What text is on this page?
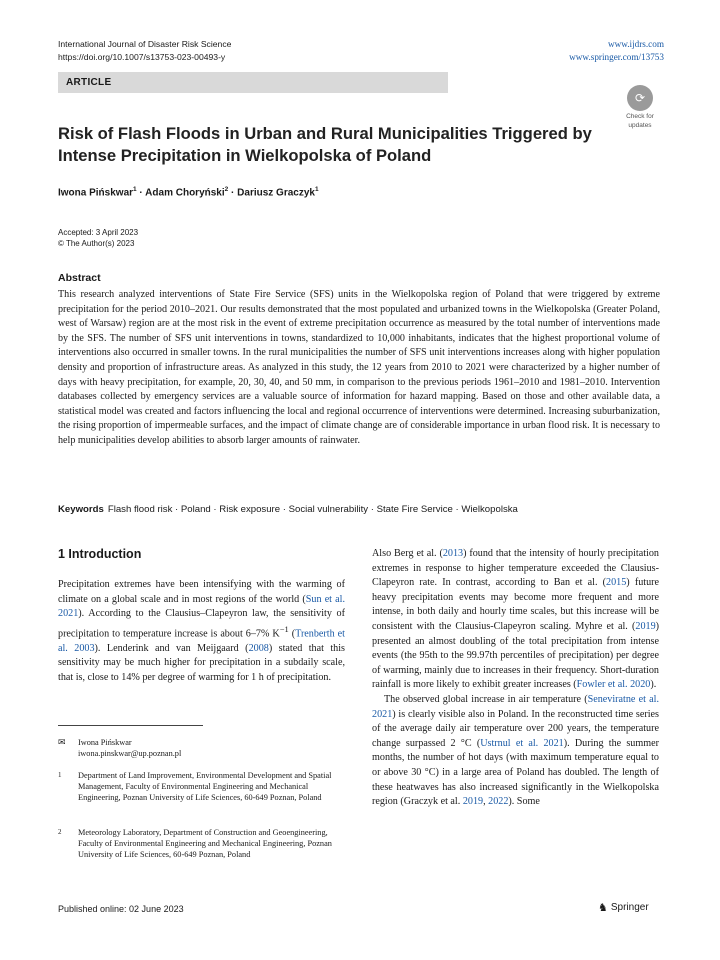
International Journal of Disaster Risk Science
https://doi.org/10.1007/s13753-023-00493-y
www.ijdrs.com
www.springer.com/13753
ARTICLE
⟳
Check for
updates
Risk of Flash Floods in Urban and Rural Municipalities Triggered by Intense Precipitation in Wielkopolska of Poland
Iwona Pińskwar$^1$ · Adam Choryński$^2$ · Dariusz Graczyk$^1$
Accepted: 3 April 2023
© The Author(s) 2023
Abstract
This research analyzed interventions of State Fire Service (SFS) units in the Wielkopolska region of Poland that were triggered by extreme precipitation for the period 2010–2021. Our results demonstrated that the most populated and urbanized towns in the Wielkopolska (Greater Poland, west of Warsaw) region are at the most risk in the event of extreme precipitation occurrence as measured by the total number of interventions made by the SFS. The number of SFS unit interventions in towns, standardized to 10,000 inhabitants, indicates that the highest proportional volume of interventions also occurred in smaller towns. In the rural municipalities the number of SFS unit interventions increases along with higher population density and proportion of infrastructure areas. As analyzed in this study, the 12 years from 2010 to 2021 were characterized by a higher number of days with heavy precipitation, for example, 20, 30, 40, and 50 mm, in comparison to the previous periods 1961–2010 and 1981–2010. Intervention databases collected by emergency services are a valuable source of information for hazard mapping. Based on those and other available data, a statistical model was created and factors influencing the local and regional occurrence of interventions were determined. Increasing suburbanization, the rising proportion of impermeable surfaces, and the impact of climate change are of considerable importance in urban flood risk. It is necessary to help municipalities develop abilities to absorb larger amounts of rainwater.
Keywords Flash flood risk · Poland · Risk exposure · Social vulnerability · State Fire Service · Wielkopolska
1 Introduction

Precipitation extremes have been intensifying with the warming of climate on a global scale and in most regions of the world (Sun et al. 2021). According to the Clausius–Clapeyron law, the sensitivity of precipitation to temperature increase is about 6–7% $K^{-1}$ (Trenberth et al. 2003). Lenderink and van Meijgaard (2008) stated that this sensitivity may be much higher for precipitation in a subdaily scale, that is, close to 14% per degree of warming for 1 h of precipitation.

Also Berg et al. (2013) found that the intensity of hourly precipitation extremes in response to higher temperature exceeded the Clausius-Clapeyron rate. In contrast, according to Ban et al. (2015) future heavy precipitation events may become more frequent and more intense, in both daily and hourly time scales, but this increase will be consistent with the Clausius-Clapeyron scaling. Myhre et al. (2019) presented an almost doubling of the total precipitation from intense events (the 95th to the 99.97th percentiles of precipitation) per degree of warming, mainly due to increases in their frequency. Short-duration rainfall is more likely to exhibit greater increases (Fowler et al. 2020).

The observed global increase in air temperature (Seneviratne et al. 2021) is clearly visible also in Poland. In the reconstructed time series of the average daily air temperature over 200 years, the temperature change surpassed 2 °C (Ustrnul et al. 2021). During the summer months, the number of hot days (with maximum temperature equal to or above 30 °C) in a large area of Poland has doubled. The length of these heatwaves has also increased significantly in the Wielkopolska region (Graczyk et al. 2019, 2022). Some

✉ Iwona Pińskwar
iwona.pinskwar@up.poznan.pl
1 Department of Land Improvement, Environmental Development and Spatial Management, Faculty of Environmental Engineering and Mechanical Engineering, Poznan University of Life Sciences, 60-649 Poznan, Poland
2 Meteorology Laboratory, Department of Construction and Geoengineering, Faculty of Environmental Engineering and Mechanical Engineering, Poznan University of Life Sciences, 60-649 Poznan, Poland
Published online: 02 June 2023	♞ Springer
